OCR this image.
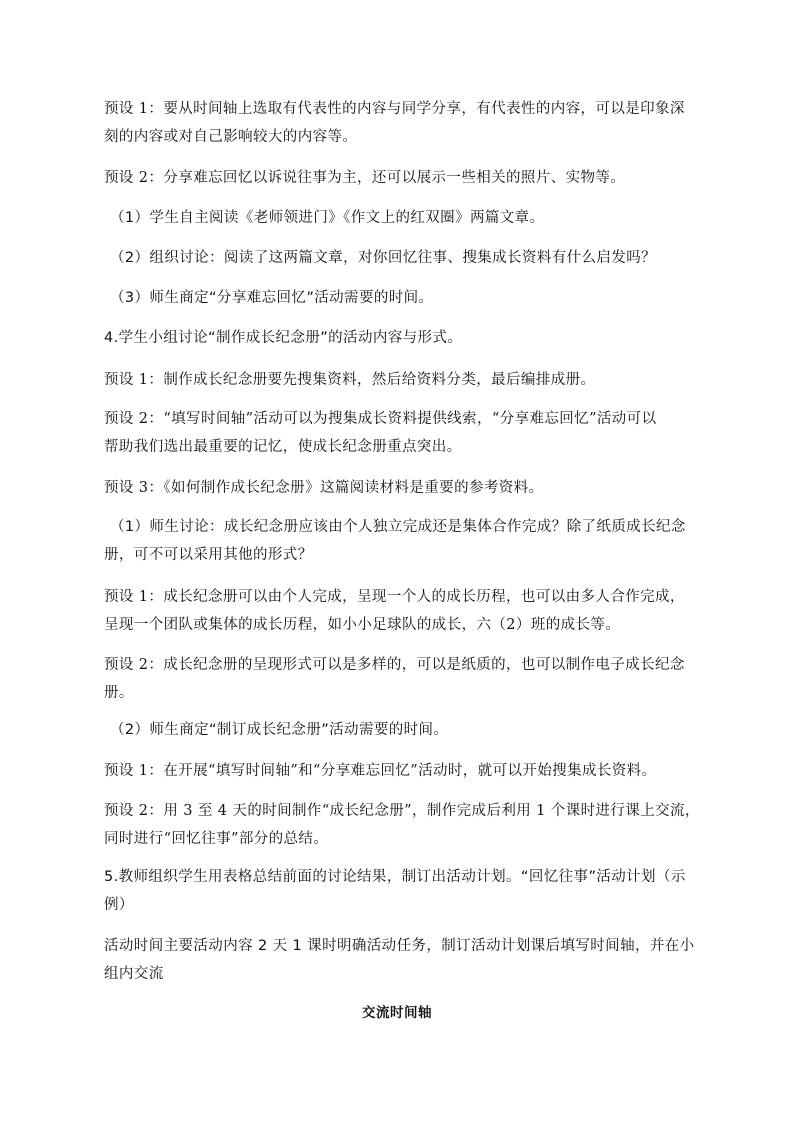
预设 1：要从时间轴上选取有代表性的内容与同学分享，有代表性的内容，可以是印象深
刻的内容或对自己影响较大的内容等。

预设 2：分享难忘回忆以诉说往事为主，还可以展示一些相关的照片、实物等。

（1）学生自主阅读《老师领进门》《作文上的红双圈》两篇文章。

（2）组织讨论：阅读了这两篇文章，对你回忆往事、搜集成长资料有什么启发吗？

（3）师生商定“分享难忘回忆”活动需要的时间。

4.学生小组讨论“制作成长纪念册”的活动内容与形式。

预设 1：制作成长纪念册要先搜集资料，然后给资料分类，最后编排成册。

预设 2：“填写时间轴”活动可以为搜集成长资料提供线索，“分享难忘回忆”活动可以
帮助我们选出最重要的记忆，使成长纪念册重点突出。

预设 3：《如何制作成长纪念册》这篇阅读材料是重要的参考资料。

（1）师生讨论：成长纪念册应该由个人独立完成还是集体合作完成？除了纸质成长纪念
册，可不可以采用其他的形式？

预设 1：成长纪念册可以由个人完成，呈现一个人的成长历程，也可以由多人合作完成，
呈现一个团队或集体的成长历程，如小小足球队的成长，六（2）班的成长等。

预设 2：成长纪念册的呈现形式可以是多样的，可以是纸质的，也可以制作电子成长纪念
册。

（2）师生商定“制订成长纪念册”活动需要的时间。

预设 1：在开展“填写时间轴”和“分享难忘回忆”活动时，就可以开始搜集成长资料。

预设 2：用 3 至 4 天的时间制作“成长纪念册”，制作完成后利用 1 个课时进行课上交流，
同时进行“回忆往事”部分的总结。

5.教师组织学生用表格总结前面的讨论结果，制订出活动计划。“回忆往事”活动计划（示
例）

活动时间主要活动内容 2 天 1 课时明确活动任务，制订活动计划课后填写时间轴，并在小
组内交流

交流时间轴
